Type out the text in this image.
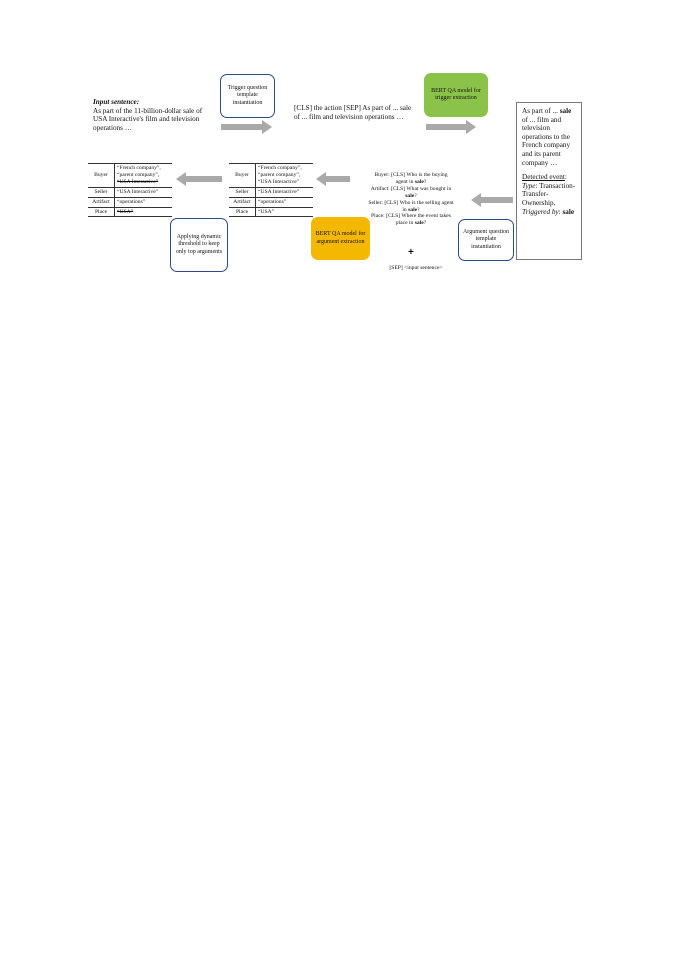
Input sentence:
As part of the 11-billion-dollar sale of USA Interactive's film and television operations …
Trigger question template instantiation
[CLS] the action [SEP] As part of ... sale of ... film and television operations …
BERT QA model for trigger extraction
As part of ... sale of ... film and television operations to the French company and its parent company …
Detected event:
Type: Transaction-Transfer-Ownership,
Triggered by: sale
Argument question template instantiation
Buyer: [CLS] Who is the buying agent in sale?
Artifact: [CLS] What was bought in sale?
Seller: [CLS] Who is the selling agent in sale?
Place: [CLS] Where the event takes place in sale?
+
[SEP] <input sentence>
BERT QA model for argument extraction
Buyer	“French company”,
“parent company”,
“USA Interactive”

Seller	“USA Interactive”

Artifact	“operations”

Place	“USA”
Applying dynamic threshold to keep only top arguments
Buyer	“French company”,
“parent company”,
“USA Interactive”

Seller	“USA Interactive”

Artifact	“operations”

Place	“USA”
